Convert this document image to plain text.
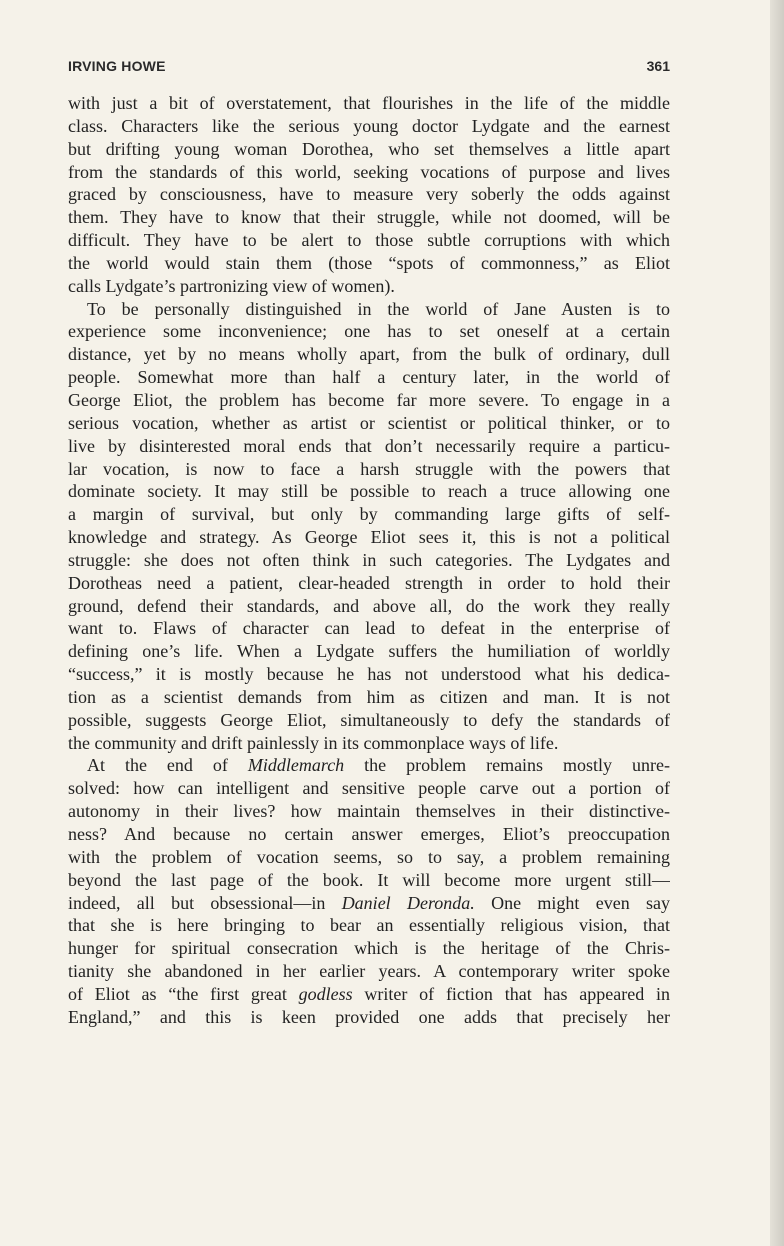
IRVING HOWE	361
with just a bit of overstatement, that flourishes in the life of the middle
class. Characters like the serious young doctor Lydgate and the earnest
but drifting young woman Dorothea, who set themselves a little apart
from the standards of this world, seeking vocations of purpose and lives
graced by consciousness, have to measure very soberly the odds against
them. They have to know that their struggle, while not doomed, will be
difficult. They have to be alert to those subtle corruptions with which
the world would stain them (those “spots of commonness,” as Eliot
calls Lydgate’s partronizing view of women).
To be personally distinguished in the world of Jane Austen is to
experience some inconvenience; one has to set oneself at a certain
distance, yet by no means wholly apart, from the bulk of ordinary, dull
people. Somewhat more than half a century later, in the world of
George Eliot, the problem has become far more severe. To engage in a
serious vocation, whether as artist or scientist or political thinker, or to
live by disinterested moral ends that don’t necessarily require a particu-
lar vocation, is now to face a harsh struggle with the powers that
dominate society. It may still be possible to reach a truce allowing one
a margin of survival, but only by commanding large gifts of self-
knowledge and strategy. As George Eliot sees it, this is not a political
struggle: she does not often think in such categories. The Lydgates and
Dorotheas need a patient, clear-headed strength in order to hold their
ground, defend their standards, and above all, do the work they really
want to. Flaws of character can lead to defeat in the enterprise of
defining one’s life. When a Lydgate suffers the humiliation of worldly
“success,” it is mostly because he has not understood what his dedica-
tion as a scientist demands from him as citizen and man. It is not
possible, suggests George Eliot, simultaneously to defy the standards of
the community and drift painlessly in its commonplace ways of life.
At the end of Middlemarch the problem remains mostly unre-
solved: how can intelligent and sensitive people carve out a portion of
autonomy in their lives? how maintain themselves in their distinctive-
ness? And because no certain answer emerges, Eliot’s preoccupation
with the problem of vocation seems, so to say, a problem remaining
beyond the last page of the book. It will become more urgent still—
indeed, all but obsessional—in Daniel Deronda. One might even say
that she is here bringing to bear an essentially religious vision, that
hunger for spiritual consecration which is the heritage of the Chris-
tianity she abandoned in her earlier years. A contemporary writer spoke
of Eliot as “the first great godless writer of fiction that has appeared in
England,” and this is keen provided one adds that precisely her
